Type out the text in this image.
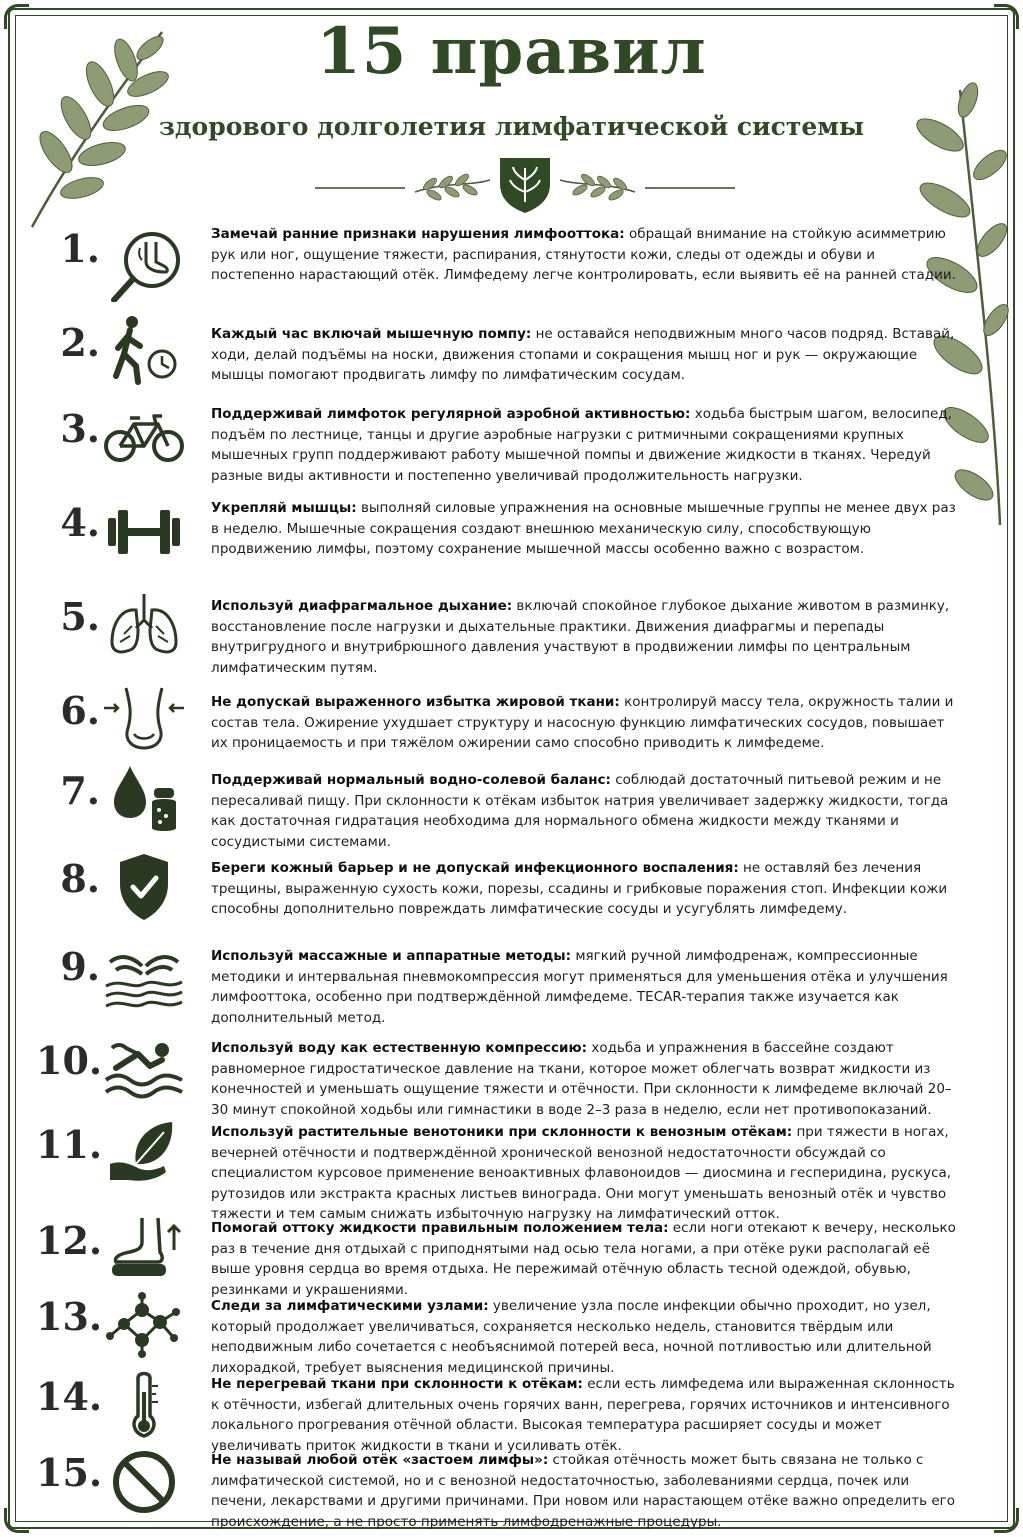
15 правил
здорового долголетия лимфатической системы
1.	Замечай ранние признаки нарушения лимфооттока: обращай внимание на стойкую асимметрию рук или ног, ощущение тяжести, распирания, стянутости кожи, следы от одежды и обуви и постепенно нарастающий отёк. Лимфедему легче контролировать, если выявить её на ранней стадии.
2.	Каждый час включай мышечную помпу: не оставайся неподвижным много часов подряд. Вставай, ходи, делай подъёмы на носки, движения стопами и сокращения мышц ног и рук — окружающие мышцы помогают продвигать лимфу по лимфатическим сосудам.
3.	Поддерживай лимфоток регулярной аэробной активностью: ходьба быстрым шагом, велосипед, подъём по лестнице, танцы и другие аэробные нагрузки с ритмичными сокращениями крупных мышечных групп поддерживают работу мышечной помпы и движение жидкости в тканях. Чередуй разные виды активности и постепенно увеличивай продолжительность нагрузки.
4.	Укрепляй мышцы: выполняй силовые упражнения на основные мышечные группы не менее двух раз в неделю. Мышечные сокращения создают внешнюю механическую силу, способствующую продвижению лимфы, поэтому сохранение мышечной массы особенно важно с возрастом.
5.	Используй диафрагмальное дыхание: включай спокойное глубокое дыхание животом в разминку, восстановление после нагрузки и дыхательные практики. Движения диафрагмы и перепады внутригрудного и внутрибрюшного давления участвуют в продвижении лимфы по центральным лимфатическим путям.
6.	Не допускай выраженного избытка жировой ткани: контролируй массу тела, окружность талии и состав тела. Ожирение ухудшает структуру и насосную функцию лимфатических сосудов, повышает их проницаемость и при тяжёлом ожирении само способно приводить к лимфедеме.
7.	Поддерживай нормальный водно-солевой баланс: соблюдай достаточный питьевой режим и не пересаливай пищу. При склонности к отёкам избыток натрия увеличивает задержку жидкости, тогда как достаточная гидратация необходима для нормального обмена жидкости между тканями и сосудистыми системами.
8.	Береги кожный барьер и не допускай инфекционного воспаления: не оставляй без лечения трещины, выраженную сухость кожи, порезы, ссадины и грибковые поражения стоп. Инфекции кожи способны дополнительно повреждать лимфатические сосуды и усугублять лимфедему.
9.	Используй массажные и аппаратные методы: мягкий ручной лимфодренаж, компрессионные методики и интервальная пневмокомпрессия могут применяться для уменьшения отёка и улучшения лимфооттока, особенно при подтверждённой лимфедеме. TECAR-терапия также изучается как дополнительный метод.
10.	Используй воду как естественную компрессию: ходьба и упражнения в бассейне создают равномерное гидростатическое давление на ткани, которое может облегчать возврат жидкости из конечностей и уменьшать ощущение тяжести и отёчности. При склонности к лимфедеме включай 20–30 минут спокойной ходьбы или гимнастики в воде 2–3 раза в неделю, если нет противопоказаний.
11.	Используй растительные венотоники при склонности к венозным отёкам: при тяжести в ногах, вечерней отёчности и подтверждённой хронической венозной недостаточности обсуждай со специалистом курсовое применение веноактивных флавоноидов — диосмина и гесперидина, рускуса, рутозидов или экстракта красных листьев винограда. Они могут уменьшать венозный отёк и чувство тяжести и тем самым снижать избыточную нагрузку на лимфатический отток.
12.	Помогай оттоку жидкости правильным положением тела: если ноги отекают к вечеру, несколько раз в течение дня отдыхай с приподнятыми над осью тела ногами, а при отёке руки располагай её выше уровня сердца во время отдыха. Не пережимай отёчную область тесной одеждой, обувью, резинками и украшениями.
13.	Следи за лимфатическими узлами: увеличение узла после инфекции обычно проходит, но узел, который продолжает увеличиваться, сохраняется несколько недель, становится твёрдым или неподвижным либо сочетается с необъяснимой потерей веса, ночной потливостью или длительной лихорадкой, требует выяснения медицинской причины.
14.	Не перегревай ткани при склонности к отёкам: если есть лимфедема или выраженная склонность к отёчности, избегай длительных очень горячих ванн, перегрева, горячих источников и интенсивного локального прогревания отёчной области. Высокая температура расширяет сосуды и может увеличивать приток жидкости в ткани и усиливать отёк.
15.	Не называй любой отёк «застоем лимфы»: стойкая отёчность может быть связана не только с лимфатической системой, но и с венозной недостаточностью, заболеваниями сердца, почек или печени, лекарствами и другими причинами. При новом или нарастающем отёке важно определить его происхождение, а не просто применять лимфодренажные процедуры.
